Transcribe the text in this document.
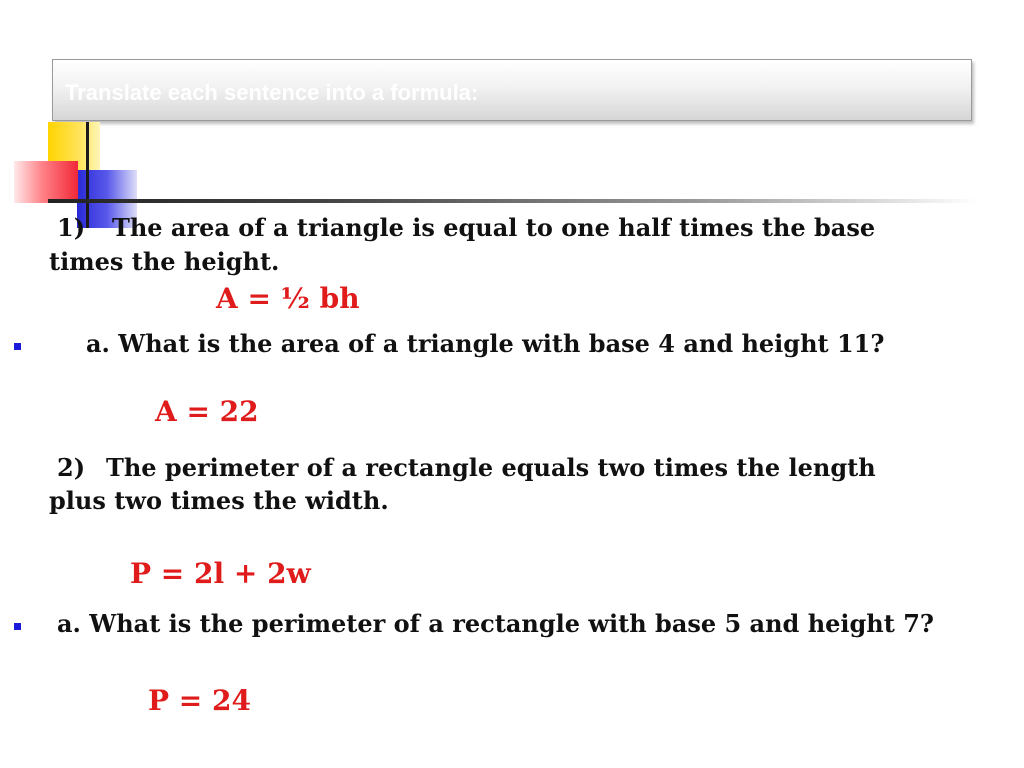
Translate each sentence into a formula:
1) The area of a triangle is equal to one half times the base
times the height.
A = ½ bh
a. What is the area of a triangle with base 4 and height 11?
A = 22
2) The perimeter of a rectangle equals two times the length
plus two times the width.
P = 2l + 2w
a. What is the perimeter of a rectangle with base 5 and height 7?
P = 24
